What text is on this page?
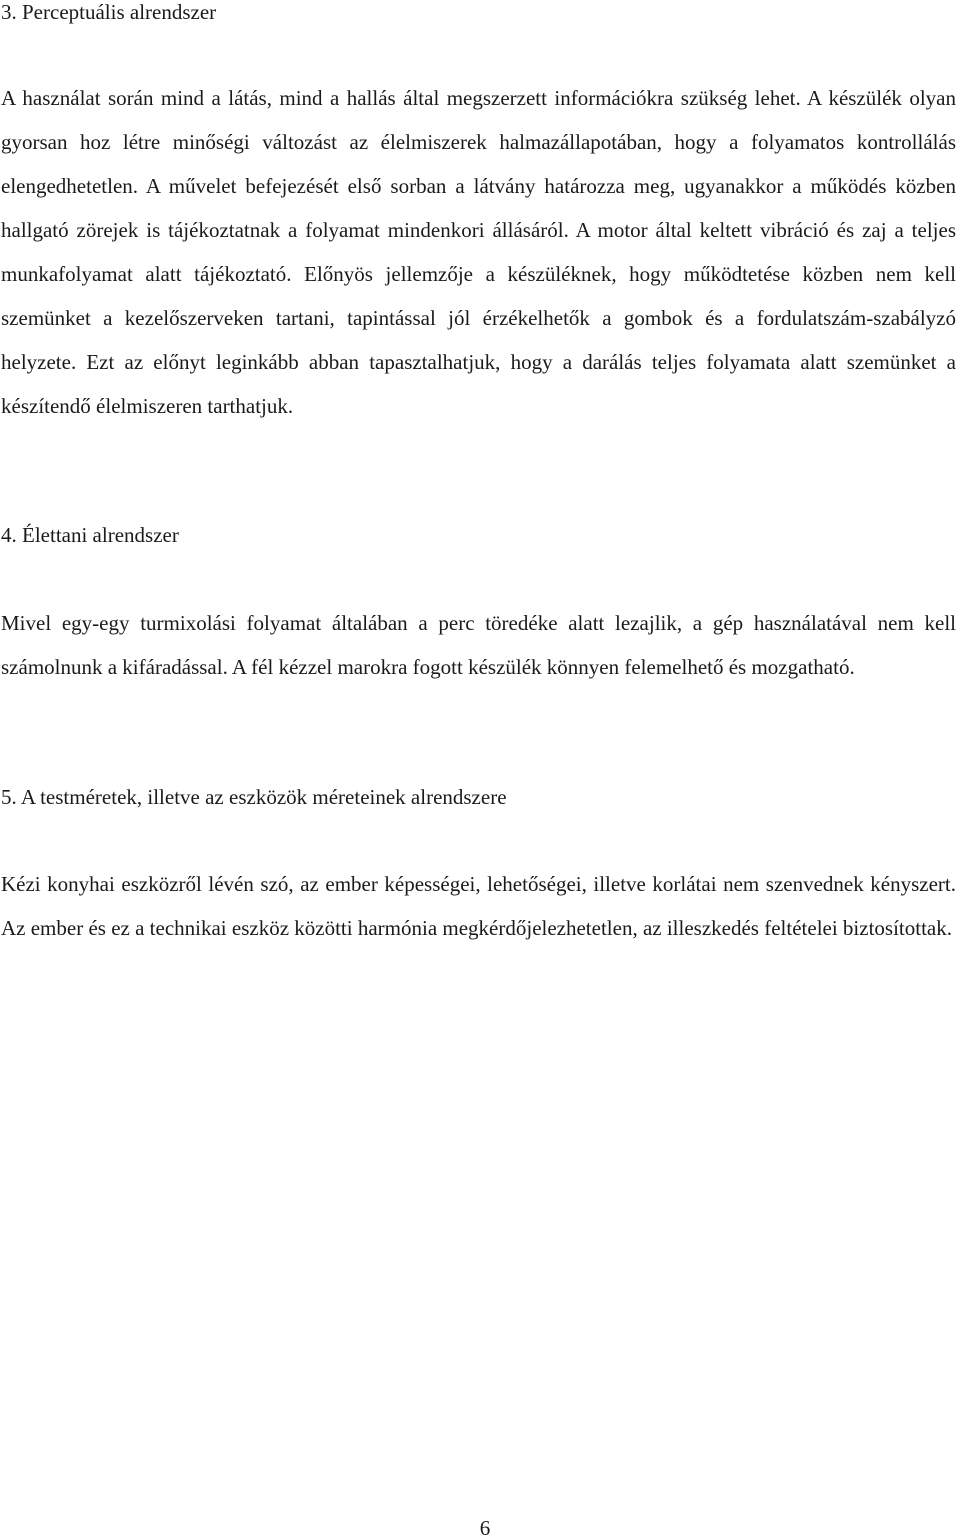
3. Perceptuális alrendszer

A használat során mind a látás, mind a hallás által megszerzett információkra szükség lehet. A készülék olyan gyorsan hoz létre minőségi változást az élelmiszerek halmazállapotában, hogy a folyamatos kontrollálás elengedhetetlen. A művelet befejezését első sorban a látvány határozza meg, ugyanakkor a működés közben hallgató zörejek is tájékoztatnak a folyamat mindenkori állásáról. A motor által keltett vibráció és zaj a teljes munkafolyamat alatt tájékoztató. Előnyös jellemzője a készüléknek, hogy működtetése közben nem kell szemünket a kezelőszerveken tartani, tapintással jól érzékelhetők a gombok és a fordulatszám-szabályzó helyzete. Ezt az előnyt leginkább abban tapasztalhatjuk, hogy a darálás teljes folyamata alatt szemünket a készítendő élelmiszeren tarthatjuk.

4. Élettani alrendszer

Mivel egy-egy turmixolási folyamat általában a perc töredéke alatt lezajlik, a gép használatával nem kell számolnunk a kifáradással. A fél kézzel marokra fogott készülék könnyen felemelhető és mozgatható.

5. A testméretek, illetve az eszközök méreteinek alrendszere

Kézi konyhai eszközről lévén szó, az ember képességei, lehetőségei, illetve korlátai nem szenvednek kényszert. Az ember és ez a technikai eszköz közötti harmónia megkérdőjelezhetetlen, az illeszkedés feltételei biztosítottak.

6
